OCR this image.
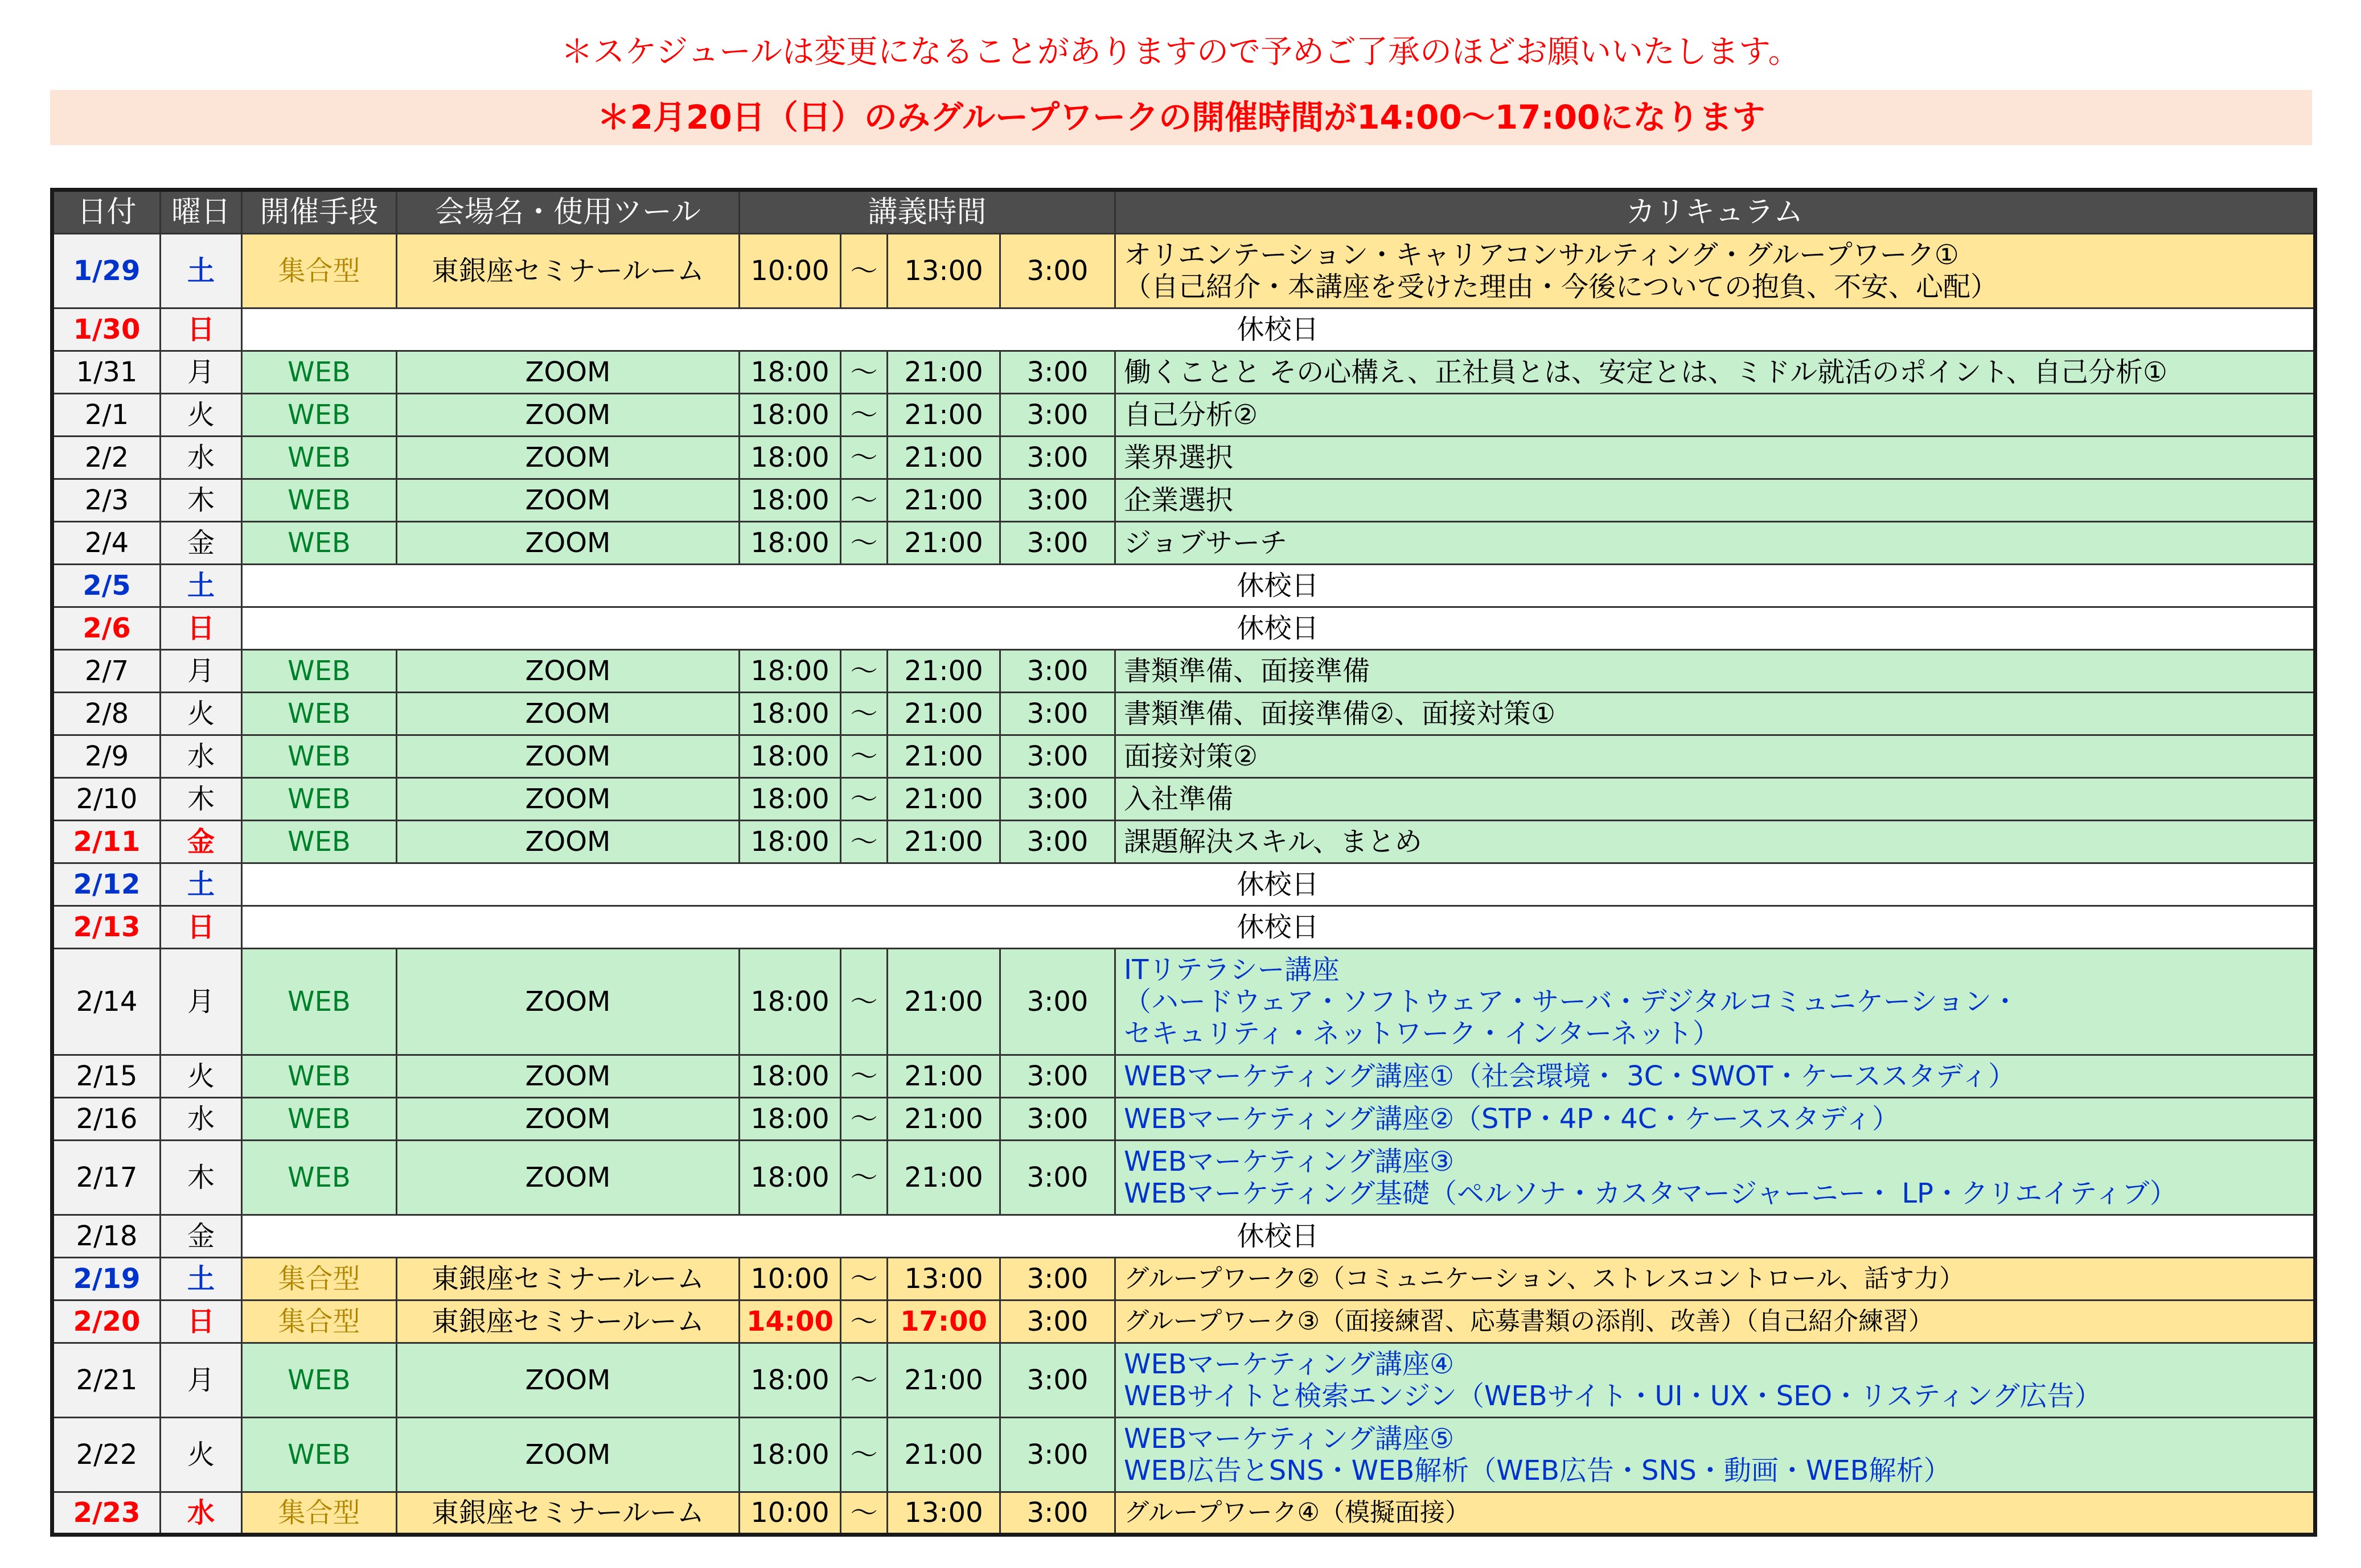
＊スケジュールは変更になることがありますので予めご了承のほどお願いいたします。
＊2月20日（日）のみグループワークの開催時間が14:00～17:00になります
日付	曜日	開催手段	会場名・使用ツール	講義時間				カリキュラム
1/29	土	集合型	東銀座セミナールーム	10:00	～	13:00	3:00	オリエンテーション・キャリアコンサルティング・グループワーク①
（自己紹介・本講座を受けた理由・今後についての抱負、不安、心配）

1/30	日	休校日						
1/31	月	WEB	ZOOM	18:00	～	21:00	3:00	働くことと その心構え、正社員とは、安定とは、ミドル就活のポイント、自己分析①

2/1	火	WEB	ZOOM	18:00	～	21:00	3:00	自己分析②

2/2	水	WEB	ZOOM	18:00	～	21:00	3:00	業界選択

2/3	木	WEB	ZOOM	18:00	～	21:00	3:00	企業選択

2/4	金	WEB	ZOOM	18:00	～	21:00	3:00	ジョブサーチ

2/5	土	休校日						
2/6	日	休校日						
2/7	月	WEB	ZOOM	18:00	～	21:00	3:00	書類準備、面接準備

2/8	火	WEB	ZOOM	18:00	～	21:00	3:00	書類準備、面接準備②、面接対策①

2/9	水	WEB	ZOOM	18:00	～	21:00	3:00	面接対策②

2/10	木	WEB	ZOOM	18:00	～	21:00	3:00	入社準備

2/11	金	WEB	ZOOM	18:00	～	21:00	3:00	課題解決スキル、まとめ

2/12	土	休校日						
2/13	日	休校日						
2/14	月	WEB	ZOOM	18:00	～	21:00	3:00	ITリテラシー講座
（ハードウェア・ソフトウェア・サーバ・デジタルコミュニケーション・
セキュリティ・ネットワーク・インターネット）

2/15	火	WEB	ZOOM	18:00	～	21:00	3:00	WEBマーケティング講座①（社会環境・ 3C・SWOT・ケーススタディ）

2/16	水	WEB	ZOOM	18:00	～	21:00	3:00	WEBマーケティング講座②（STP・4P・4C・ケーススタディ）

2/17	木	WEB	ZOOM	18:00	～	21:00	3:00	WEBマーケティング講座③
WEBマーケティング基礎（ペルソナ・カスタマージャーニー・ LP・クリエイティブ）

2/18	金	休校日						
2/19	土	集合型	東銀座セミナールーム	10:00	～	13:00	3:00	グループワーク②（コミュニケーション、ストレスコントロール、話す力）

2/20	日	集合型	東銀座セミナールーム	14:00	～	17:00	3:00	グループワーク③（面接練習、応募書類の添削、改善）（自己紹介練習）

2/21	月	WEB	ZOOM	18:00	～	21:00	3:00	WEBマーケティング講座④
WEBサイトと検索エンジン（WEBサイト・UI・UX・SEO・リスティング広告）

2/22	火	WEB	ZOOM	18:00	～	21:00	3:00	WEBマーケティング講座⑤
WEB広告とSNS・WEB解析（WEB広告・SNS・動画・WEB解析）

2/23	水	集合型	東銀座セミナールーム	10:00	～	13:00	3:00	グループワーク④（模擬面接）
